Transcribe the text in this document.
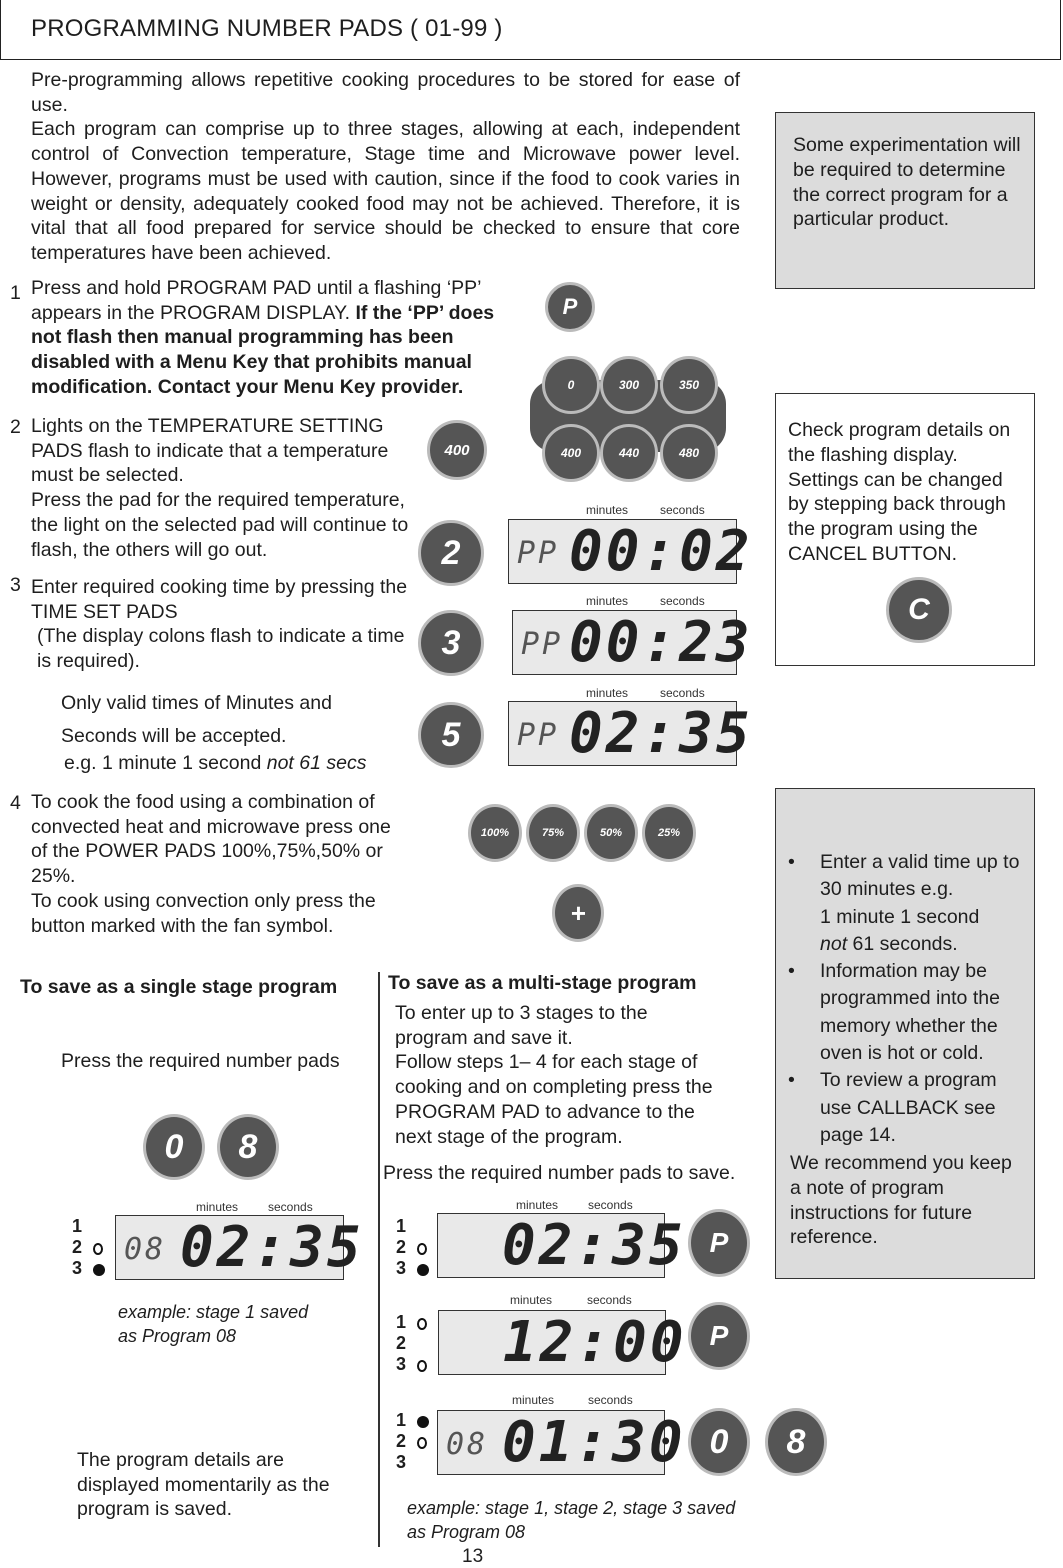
PROGRAMMING NUMBER PADS ( 01-99 )
Pre-programming allows repetitive cooking procedures to be stored for ease of use.
Each program can comprise up to three stages, allowing at each, independent control of Convection temperature, Stage time and Microwave power level. However, programs must be used with caution, since if the food to cook varies in weight or density, adequately cooked food may not be achieved. Therefore, it is vital that all food prepared for service should be checked to ensure that core temperatures have been achieved.
1 Press and hold PROGRAM PAD until a flashing ‘PP’ appears in the PROGRAM DISPLAY. If the ‘PP’ does not flash then manual programming has been disabled with a Menu Key that prohibits manual modification. Contact your Menu Key provider.
P
0	300	350
400	440	480
Some experimentation will be required to determine the correct program for a particular product.
2 Lights on the TEMPERATURE SETTING PADS flash to indicate that a temperature must be selected.
Press the pad for the required temperature, the light on the selected pad will continue to flash, the others will go out.
400
Check program details on the flashing display. Settings can be changed by stepping back through the program using the CANCEL BUTTON.
C
3 Enter required cooking time by pressing the TIME SET PADS
(The display colons flash to indicate a time is required).
Only valid times of Minutes and
Seconds will be accepted.
e.g. 1 minute 1 second not 61 secs
2
3
5
minutes	seconds
PP 00:02
minutes	seconds
PP 00:23
minutes	seconds
PP 02:35
4 To cook the food using a combination of convected heat and microwave press one of the POWER PADS 100%,75%,50% or 25%.
To cook using convection only press the button marked with the fan symbol.
100%	75%	50%	25%
+
• Enter a valid time up to 30 minutes e.g.
1 minute 1 second
not 61 seconds.
• Information may be programmed into the memory whether the oven is hot or cold.
• To review a program use CALLBACK see
page 14.
We recommend you keep a note of program instructions for future reference.
To save as a single stage program
Press the required number pads
0 8
1
2
3
minutes seconds
08 02:35
example: stage 1 saved
as Program 08
The program details are displayed momentarily as the program is saved.
To save as a multi-stage program
To enter up to 3 stages to the program and save it.
Follow steps 1– 4 for each stage of cooking and on completing press the PROGRAM PAD to advance to the next stage of the program.
Press the required number pads to save.
1
2
3
minutes seconds
02:35 P
1
2
3
minutes	seconds
12:00 P
1
2
3
minutes	seconds
08 01:30 0 8
example: stage 1, stage 2, stage 3 saved
as Program 08
13
